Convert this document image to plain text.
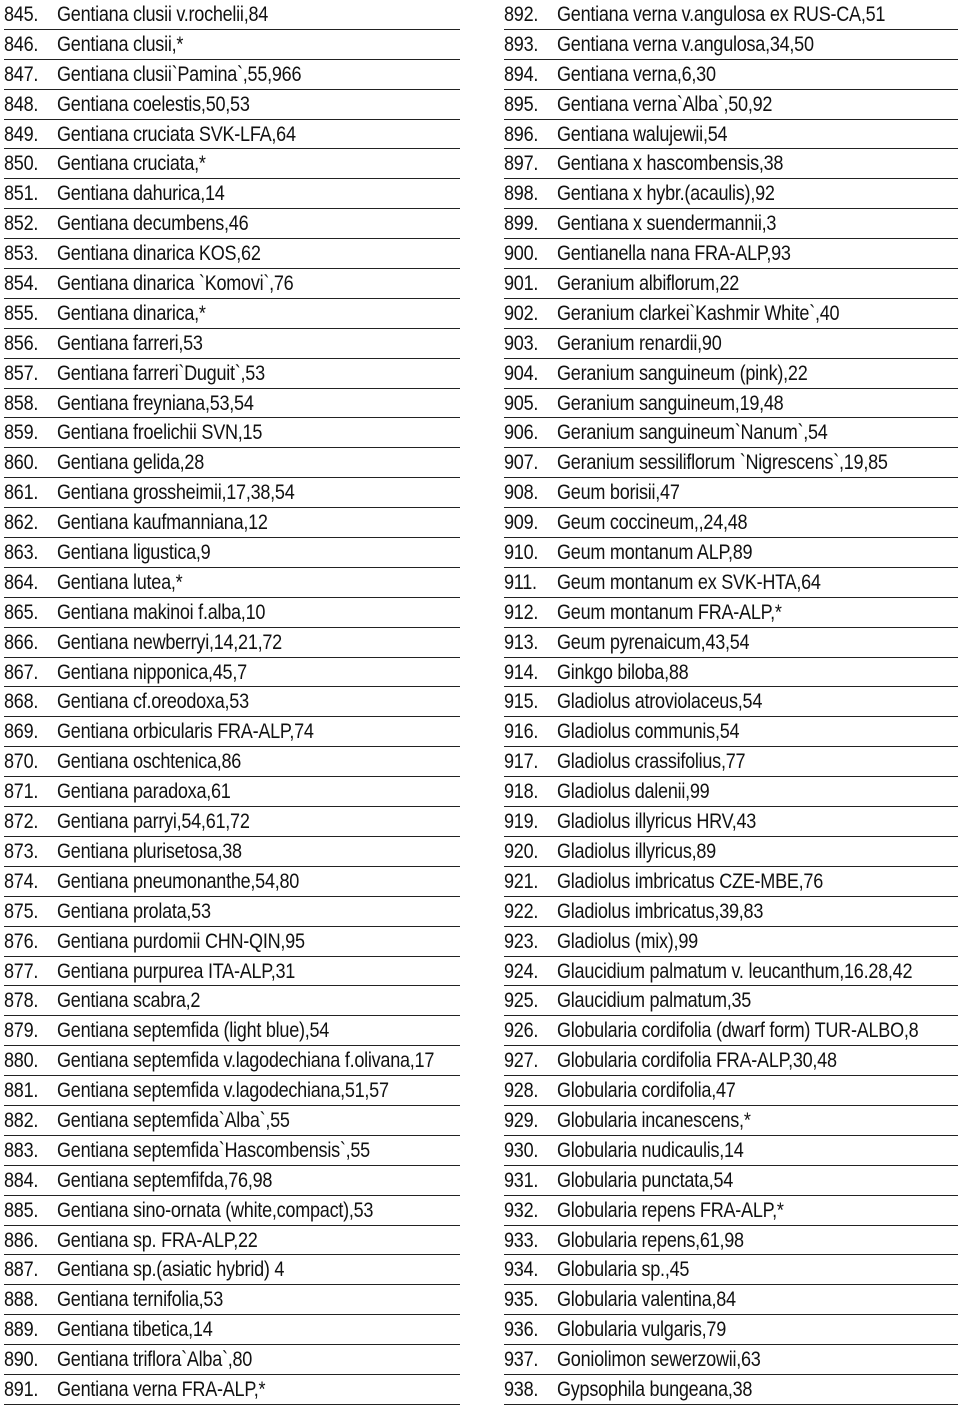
845. Gentiana clusii v.rochelii,84
846. Gentiana clusii,*
847. Gentiana clusii`Pamina`,55,966
848. Gentiana coelestis,50,53
849. Gentiana cruciata SVK-LFA,64
850. Gentiana cruciata,*
851. Gentiana dahurica,14
852. Gentiana decumbens,46
853. Gentiana dinarica KOS,62
854. Gentiana dinarica `Komovi`,76
855. Gentiana dinarica,*
856. Gentiana farreri,53
857. Gentiana farreri`Duguit`,53
858. Gentiana freyniana,53,54
859. Gentiana froelichii SVN,15
860. Gentiana gelida,28
861. Gentiana grossheimii,17,38,54
862. Gentiana kaufmanniana,12
863. Gentiana ligustica,9
864. Gentiana lutea,*
865. Gentiana makinoi f.alba,10
866. Gentiana newberryi,14,21,72
867. Gentiana nipponica,45,7
868. Gentiana cf.oreodoxa,53
869. Gentiana orbicularis FRA-ALP,74
870. Gentiana oschtenica,86
871. Gentiana paradoxa,61
872. Gentiana parryi,54,61,72
873. Gentiana plurisetosa,38
874. Gentiana pneumonanthe,54,80
875. Gentiana prolata,53
876. Gentiana purdomii CHN-QIN,95
877. Gentiana purpurea ITA-ALP,31
878. Gentiana scabra,2
879. Gentiana septemfida (light blue),54
880. Gentiana septemfida v.lagodechiana f.olivana,17
881. Gentiana septemfida v.lagodechiana,51,57
882. Gentiana septemfida`Alba`,55
883. Gentiana septemfida`Hascombensis`,55
884. Gentiana septemfifda,76,98
885. Gentiana sino-ornata (white,compact),53
886. Gentiana sp. FRA-ALP,22
887. Gentiana sp.(asiatic hybrid) 4
888. Gentiana ternifolia,53
889. Gentiana tibetica,14
890. Gentiana triflora`Alba`,80
891. Gentiana verna FRA-ALP,*
892. Gentiana verna v.angulosa ex RUS-CA,51
893. Gentiana verna v.angulosa,34,50
894. Gentiana verna,6,30
895. Gentiana verna`Alba`,50,92
896. Gentiana walujewii,54
897. Gentiana x hascombensis,38
898. Gentiana x hybr.(acaulis),92
899. Gentiana x suendermannii,3
900. Gentianella nana FRA-ALP,93
901. Geranium albiflorum,22
902. Geranium clarkei`Kashmir White`,40
903. Geranium renardii,90
904. Geranium sanguineum (pink),22
905. Geranium sanguineum,19,48
906. Geranium sanguineum`Nanum`,54
907. Geranium sessiliflorum `Nigrescens`,19,85
908. Geum borisii,47
909. Geum coccineum,,24,48
910. Geum montanum ALP,89
911. Geum montanum ex SVK-HTA,64
912. Geum montanum FRA-ALP,*
913. Geum pyrenaicum,43,54
914. Ginkgo biloba,88
915. Gladiolus atroviolaceus,54
916. Gladiolus communis,54
917. Gladiolus crassifolius,77
918. Gladiolus dalenii,99
919. Gladiolus illyricus HRV,43
920. Gladiolus illyricus,89
921. Gladiolus imbricatus CZE-MBE,76
922. Gladiolus imbricatus,39,83
923. Gladiolus (mix),99
924. Glaucidium palmatum v. leucanthum,16.28,42
925. Glaucidium palmatum,35
926. Globularia cordifolia (dwarf form) TUR-ALBO,8
927. Globularia cordifolia FRA-ALP,30,48
928. Globularia cordifolia,47
929. Globularia incanescens,*
930. Globularia nudicaulis,14
931. Globularia punctata,54
932. Globularia repens FRA-ALP,*
933. Globularia repens,61,98
934. Globularia sp.,45
935. Globularia valentina,84
936. Globularia vulgaris,79
937. Goniolimon sewerzowii,63
938. Gypsophila bungeana,38
